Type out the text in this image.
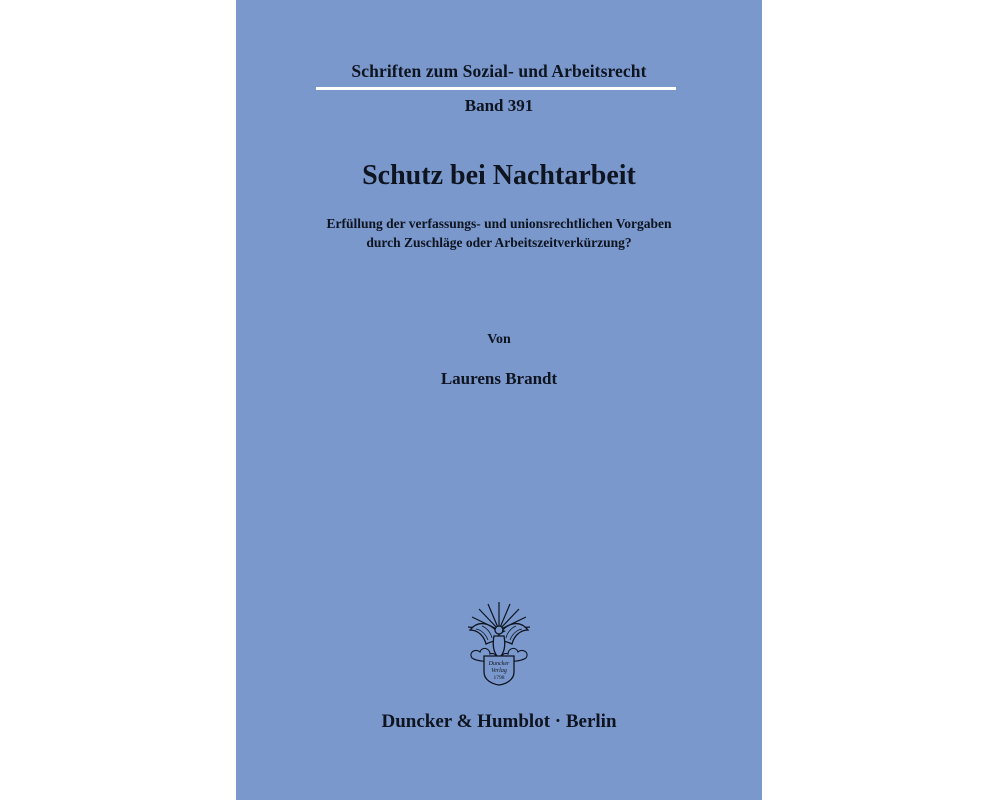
Schriften zum Sozial- und Arbeitsrecht
Band 391
Schutz bei Nachtarbeit
Erfüllung der verfassungs- und unionsrechtlichen Vorgaben
durch Zuschläge oder Arbeitszeitverkürzung?
Von
Laurens Brandt
Duncker
Verlag
1798
Duncker & Humblot · Berlin
